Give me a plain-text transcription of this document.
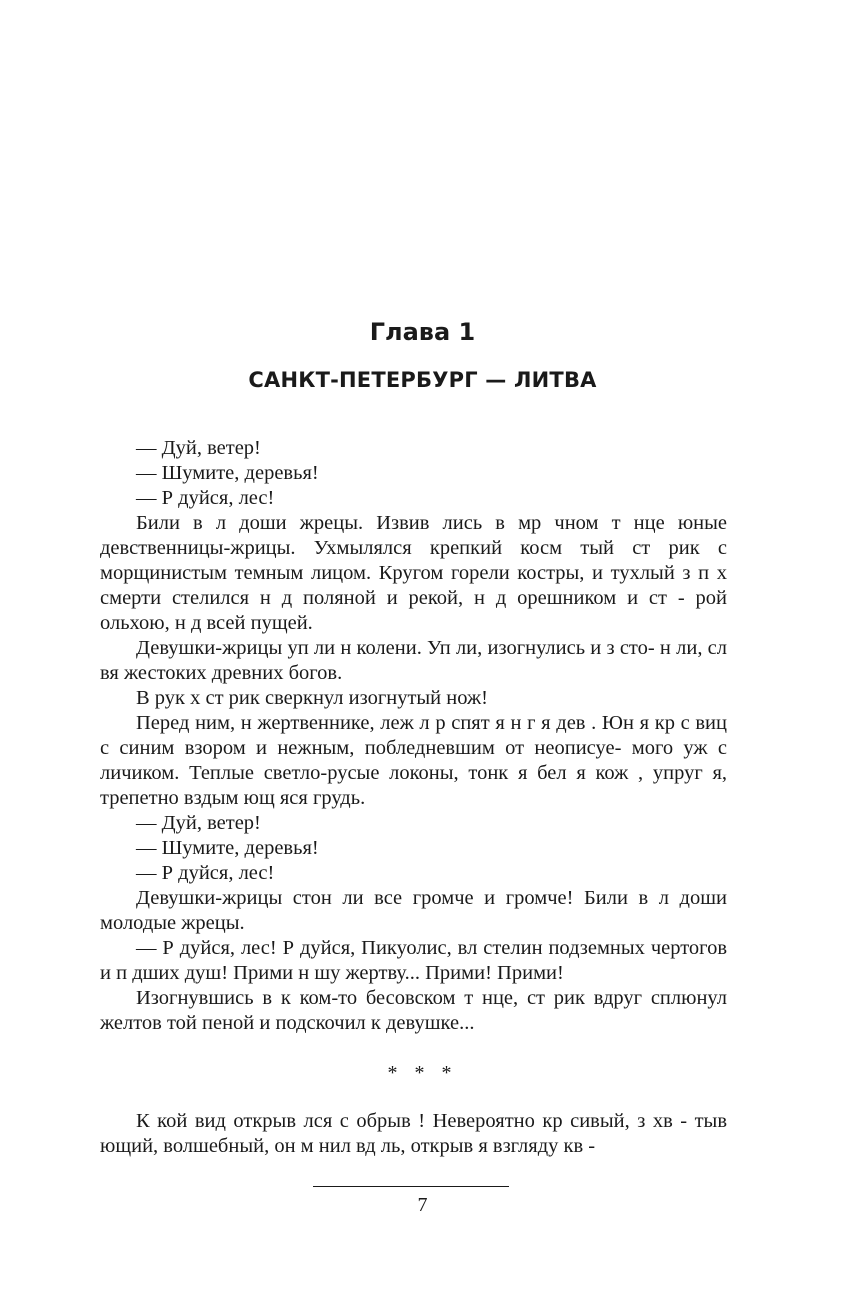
Глава 1
САНКТ-ПЕТЕРБУРГ — ЛИТВА

— Дуй, ветер!

— Шумите, деревья!

— Р дуйся, лес!

Били в л доши жрецы. Извив лись в мр чном т нце юные девственницы-жрицы. Ухмылялся крепкий косм тый ст рик с морщинистым темным лицом. Кругом горели костры, и тухлый з п х смерти стелился н д поляной и рекой, н д орешником и ст - рой ольхою, н д всей пущей.

Девушки-жрицы уп ли н колени. Уп ли, изогнулись и з сто- н ли, сл вя жестоких древних богов.

В рук х ст рик сверкнул изогнутый нож!

Перед ним, н жертвеннике, леж л р спят я н г я дев . Юн я кр с виц с синим взором и нежным, побледневшим от неописуе- мого уж с личиком. Теплые светло-русые локоны, тонк я бел я кож , упруг я, трепетно вздым ющ яся грудь.

— Дуй, ветер!

— Шумите, деревья!

— Р дуйся, лес!

Девушки-жрицы стон ли все громче и громче! Били в л доши молодые жрецы.

— Р дуйся, лес! Р дуйся, Пикуолис, вл стелин подземных чертогов и п дших душ! Прими н шу жертву... Прими! Прими!

Изогнувшись в к ком-то бесовском т нце, ст рик вдруг сплюнул желтов той пеной и подскочил к девушке...

* * *

К кой вид открыв лся с обрыв ! Невероятно кр сивый, з хв - тыв ющий, волшебный, он м нил вд ль, открыв я взгляду кв -

7
